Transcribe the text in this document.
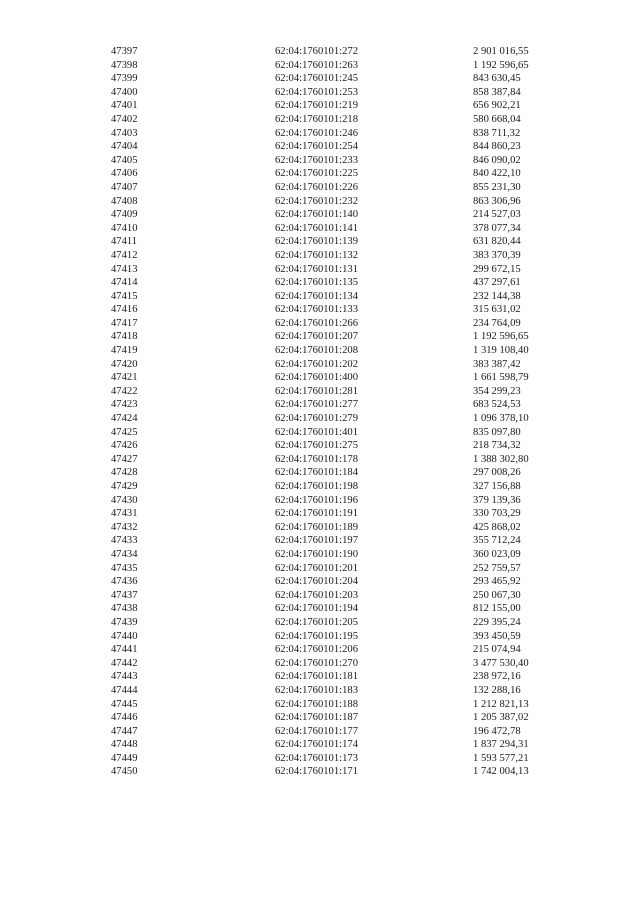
47397	62:04:1760101:272	2 901 016,55
47398	62:04:1760101:263	1 192 596,65
47399	62:04:1760101:245	843 630,45
47400	62:04:1760101:253	858 387,84
47401	62:04:1760101:219	656 902,21
47402	62:04:1760101:218	580 668,04
47403	62:04:1760101:246	838 711,32
47404	62:04:1760101:254	844 860,23
47405	62:04:1760101:233	846 090,02
47406	62:04:1760101:225	840 422,10
47407	62:04:1760101:226	855 231,30
47408	62:04:1760101:232	863 306,96
47409	62:04:1760101:140	214 527,03
47410	62:04:1760101:141	378 077,34
47411	62:04:1760101:139	631 820,44
47412	62:04:1760101:132	383 370,39
47413	62:04:1760101:131	299 672,15
47414	62:04:1760101:135	437 297,61
47415	62:04:1760101:134	232 144,38
47416	62:04:1760101:133	315 631,02
47417	62:04:1760101:266	234 764,09
47418	62:04:1760101:207	1 192 596,65
47419	62:04:1760101:208	1 319 108,40
47420	62:04:1760101:202	383 387,42
47421	62:04:1760101:400	1 661 598,79
47422	62:04:1760101:281	354 299,23
47423	62:04:1760101:277	683 524,53
47424	62:04:1760101:279	1 096 378,10
47425	62:04:1760101:401	835 097,80
47426	62:04:1760101:275	218 734,32
47427	62:04:1760101:178	1 388 302,80
47428	62:04:1760101:184	297 008,26
47429	62:04:1760101:198	327 156,88
47430	62:04:1760101:196	379 139,36
47431	62:04:1760101:191	330 703,29
47432	62:04:1760101:189	425 868,02
47433	62:04:1760101:197	355 712,24
47434	62:04:1760101:190	360 023,09
47435	62:04:1760101:201	252 759,57
47436	62:04:1760101:204	293 465,92
47437	62:04:1760101:203	250 067,30
47438	62:04:1760101:194	812 155,00
47439	62:04:1760101:205	229 395,24
47440	62:04:1760101:195	393 450,59
47441	62:04:1760101:206	215 074,94
47442	62:04:1760101:270	3 477 530,40
47443	62:04:1760101:181	238 972,16
47444	62:04:1760101:183	132 288,16
47445	62:04:1760101:188	1 212 821,13
47446	62:04:1760101:187	1 205 387,02
47447	62:04:1760101:177	196 472,78
47448	62:04:1760101:174	1 837 294,31
47449	62:04:1760101:173	1 593 577,21
47450	62:04:1760101:171	1 742 004,13
